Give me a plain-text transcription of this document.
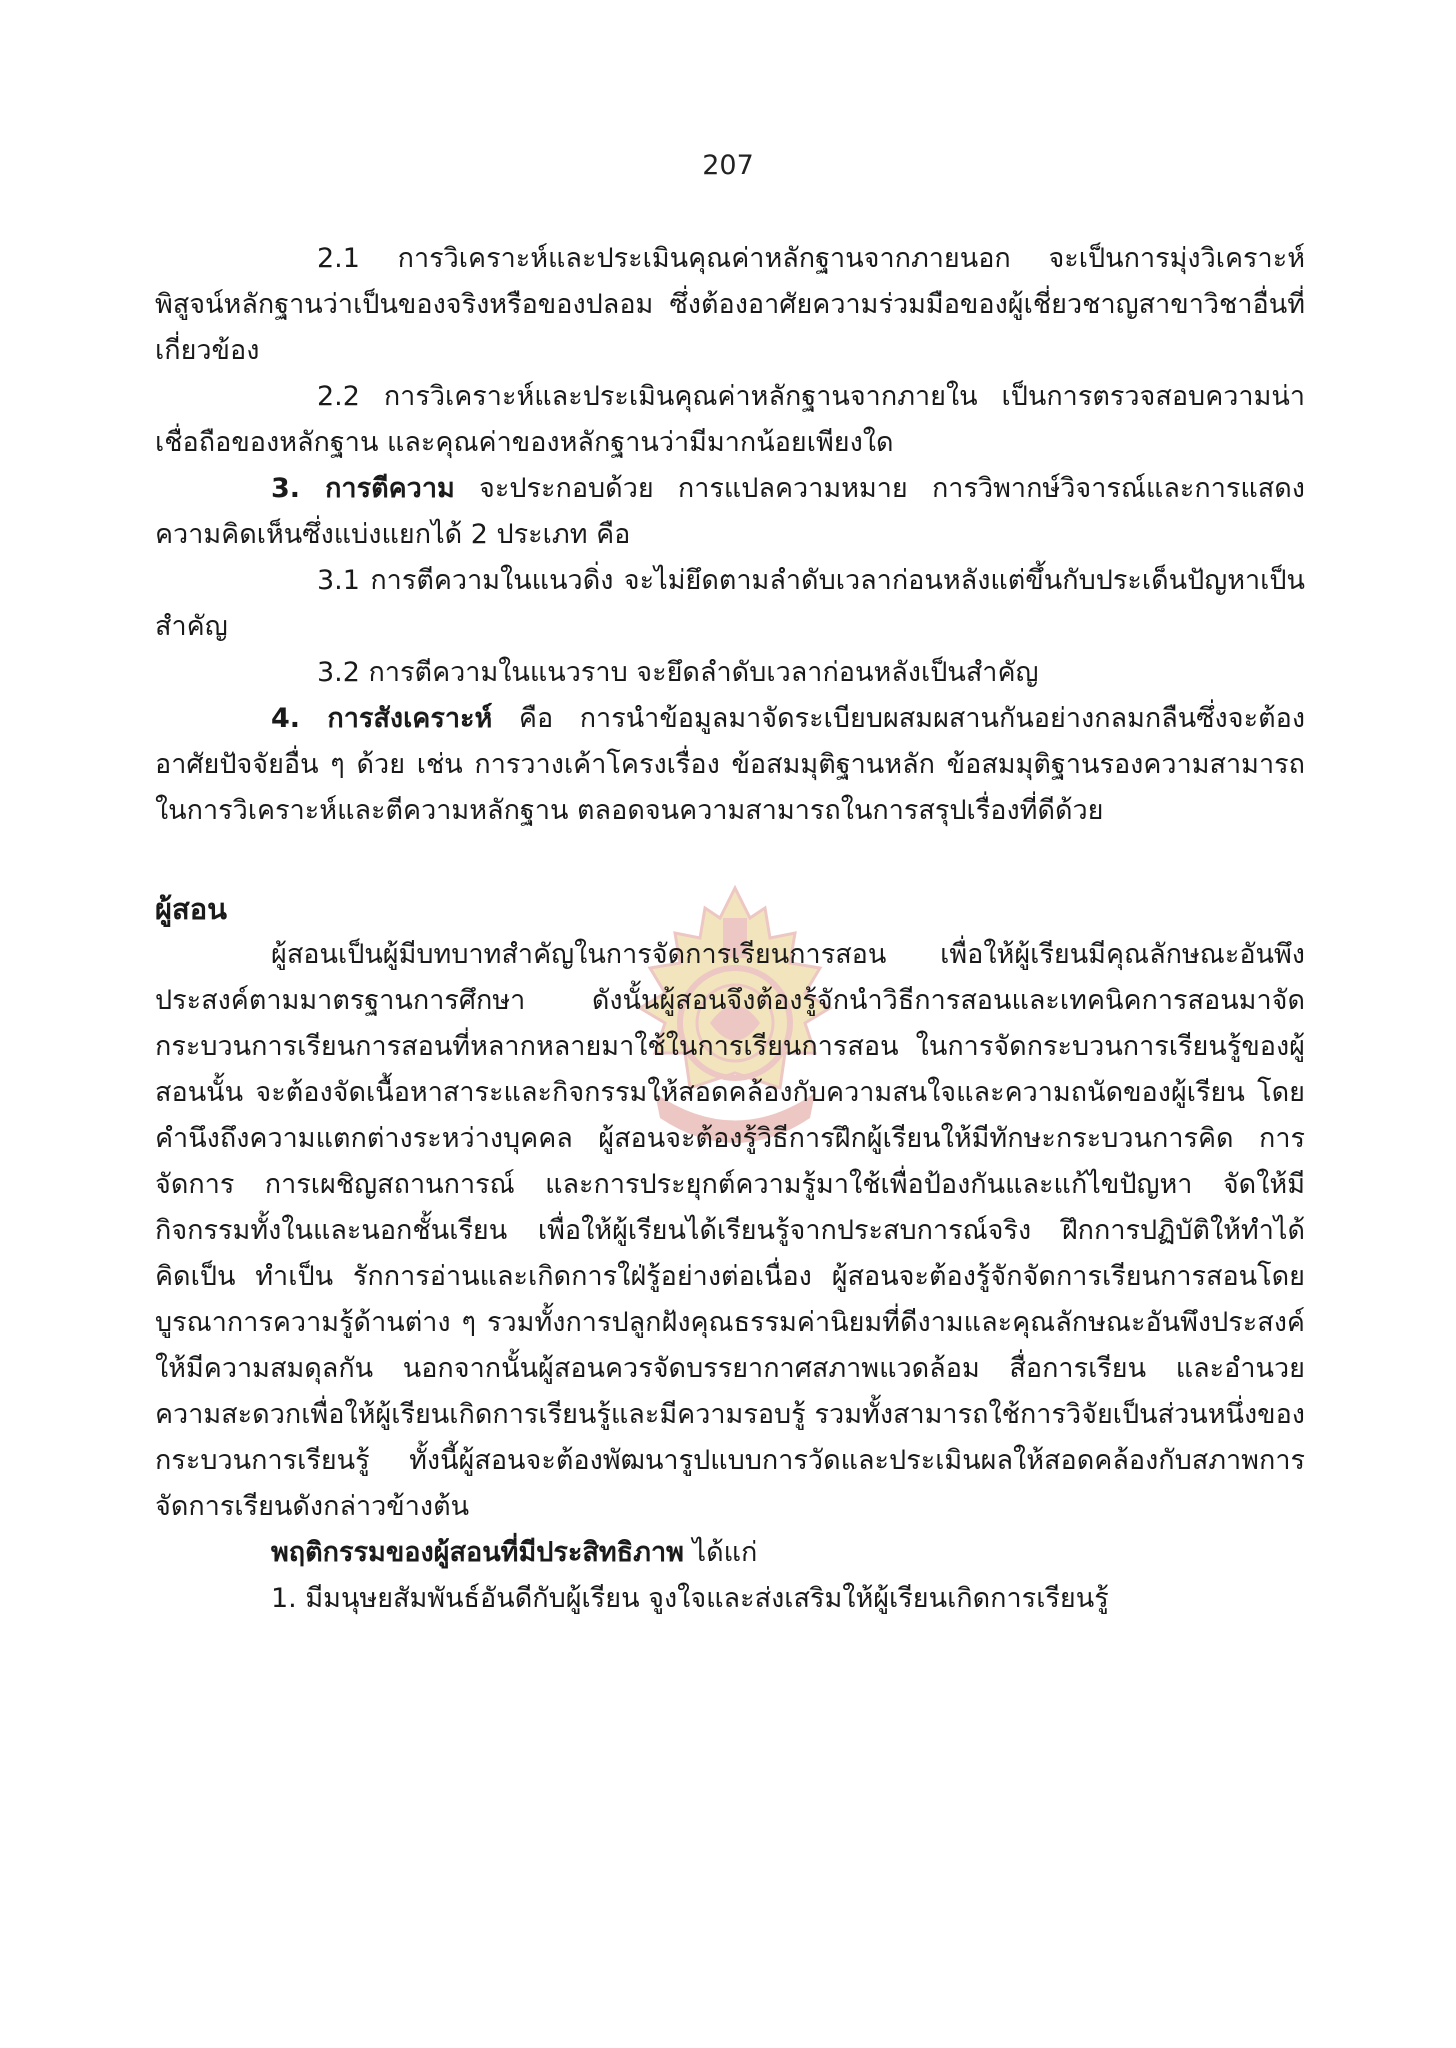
207

2.1 การวิเคราะห์และประเมินคุณค่าหลักฐานจากภายนอก จะเป็นการมุ่งวิเคราะห์พิสูจน์หลักฐานว่าเป็นของจริงหรือของปลอม ซึ่งต้องอาศัยความร่วมมือของผู้เชี่ยวชาญสาขาวิชาอื่นที่เกี่ยวข้อง

2.2 การวิเคราะห์และประเมินคุณค่าหลักฐานจากภายใน เป็นการตรวจสอบความน่าเชื่อถือของหลักฐาน และคุณค่าของหลักฐานว่ามีมากน้อยเพียงใด

3. การตีความ จะประกอบด้วย การแปลความหมาย การวิพากษ์วิจารณ์และการแสดงความคิดเห็นซึ่งแบ่งแยกได้ 2 ประเภท คือ

3.1 การตีความในแนวดิ่ง จะไม่ยึดตามลำดับเวลาก่อนหลังแต่ขึ้นกับประเด็นปัญหาเป็นสำคัญ

3.2 การตีความในแนวราบ จะยึดลำดับเวลาก่อนหลังเป็นสำคัญ

4. การสังเคราะห์ คือ การนำข้อมูลมาจัดระเบียบผสมผสานกันอย่างกลมกลืนซึ่งจะต้องอาศัยปัจจัยอื่น ๆ ด้วย เช่น การวางเค้าโครงเรื่อง ข้อสมมุติฐานหลัก ข้อสมมุติฐานรองความสามารถในการวิเคราะห์และตีความหลักฐาน ตลอดจนความสามารถในการสรุปเรื่องที่ดีด้วย

ผู้สอน

ผู้สอนเป็นผู้มีบทบาทสำคัญในการจัดการเรียนการสอน เพื่อให้ผู้เรียนมีคุณลักษณะอันพึงประสงค์ตามมาตรฐานการศึกษา ดังนั้นผู้สอนจึงต้องรู้จักนำวิธีการสอนและเทคนิคการสอนมาจัดกระบวนการเรียนการสอนที่หลากหลายมาใช้ในการเรียนการสอน ในการจัดกระบวนการเรียนรู้ของผู้สอนนั้น จะต้องจัดเนื้อหาสาระและกิจกรรมให้สอดคล้องกับความสนใจและความถนัดของผู้เรียน โดยคำนึงถึงความแตกต่างระหว่างบุคคล ผู้สอนจะต้องรู้วิธีการฝึกผู้เรียนให้มีทักษะกระบวนการคิด การจัดการ การเผชิญสถานการณ์ และการประยุกต์ความรู้มาใช้เพื่อป้องกันและแก้ไขปัญหา จัดให้มีกิจกรรมทั้งในและนอกชั้นเรียน เพื่อให้ผู้เรียนได้เรียนรู้จากประสบการณ์จริง ฝึกการปฏิบัติให้ทำได้ คิดเป็น ทำเป็น รักการอ่านและเกิดการใฝ่รู้อย่างต่อเนื่อง ผู้สอนจะต้องรู้จักจัดการเรียนการสอนโดยบูรณาการความรู้ด้านต่าง ๆ รวมทั้งการปลูกฝังคุณธรรมค่านิยมที่ดีงามและคุณลักษณะอันพึงประสงค์ให้มีความสมดุลกัน นอกจากนั้นผู้สอนควรจัดบรรยากาศสภาพแวดล้อม สื่อการเรียน และอำนวยความสะดวกเพื่อให้ผู้เรียนเกิดการเรียนรู้และมีความรอบรู้ รวมทั้งสามารถใช้การวิจัยเป็นส่วนหนึ่งของกระบวนการเรียนรู้ ทั้งนี้ผู้สอนจะต้องพัฒนารูปแบบการวัดและประเมินผลให้สอดคล้องกับสภาพการจัดการเรียนดังกล่าวข้างต้น

พฤติกรรมของผู้สอนที่มีประสิทธิภาพ ได้แก่

1. มีมนุษยสัมพันธ์อันดีกับผู้เรียน จูงใจและส่งเสริมให้ผู้เรียนเกิดการเรียนรู้
